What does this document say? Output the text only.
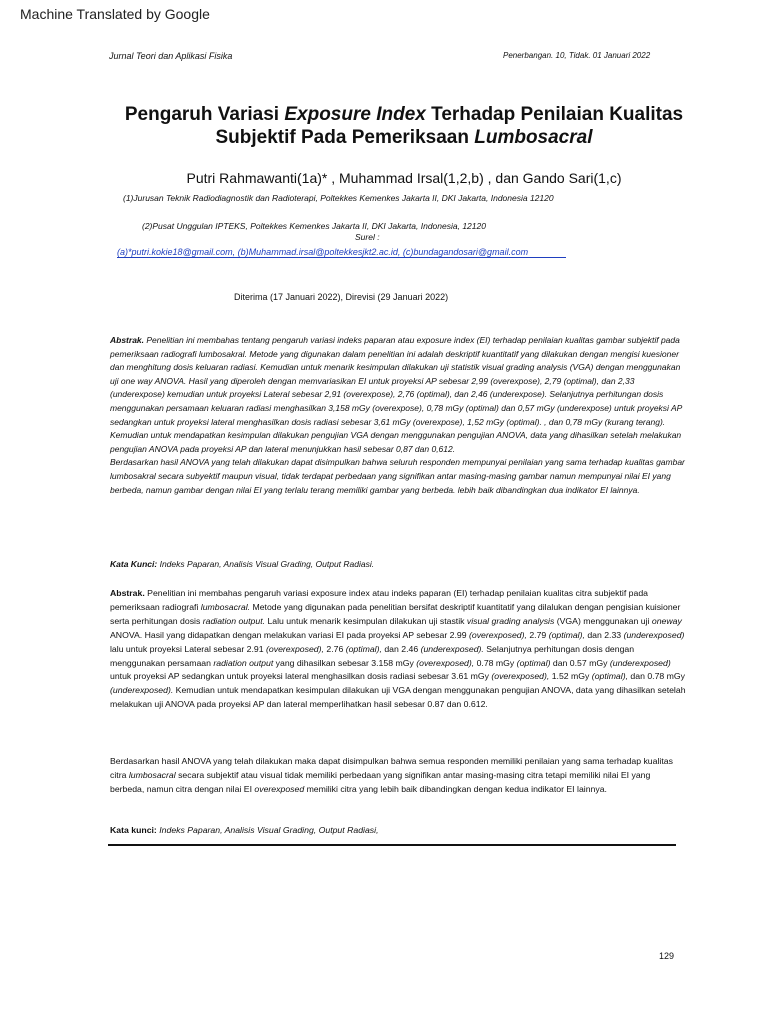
Machine Translated by Google
Jurnal Teori dan Aplikasi Fisika	Penerbangan. 10, Tidak. 01 Januari 2022
Pengaruh Variasi Exposure Index Terhadap Penilaian Kualitas
Subjektif Pada Pemeriksaan Lumbosacral
Putri Rahmawanti(1a)* , Muhammad Irsal(1,2,b) , dan Gando Sari(1,c)
(1)Jurusan Teknik Radiodiagnostik dan Radioterapi, Poltekkes Kemenkes Jakarta II, DKI Jakarta, Indonesia 12120
(2)Pusat Unggulan IPTEKS, Poltekkes Kemenkes Jakarta II, DKI Jakarta, Indonesia, 12120
Surel :
(a)*putri.kokie18@gmail.com, (b)Muhammad.irsal@poltekkesjkt2.ac.id, (c)bundagandosari@gmail.com
Diterima (17 Januari 2022), Direvisi (29 Januari 2022)

Abstrak. Penelitian ini membahas tentang pengaruh variasi indeks paparan atau exposure index (EI) terhadap penilaian kualitas gambar subjektif pada pemeriksaan radiografi lumbosakral. Metode yang digunakan dalam penelitian ini adalah deskriptif kuantitatif yang dilakukan dengan mengisi kuesioner dan menghitung dosis keluaran radiasi. Kemudian untuk menarik kesimpulan dilakukan uji statistik visual grading analysis (VGA) dengan menggunakan uji one way ANOVA. Hasil yang diperoleh dengan memvariasikan EI untuk proyeksi AP sebesar 2,99 (overexpose), 2,79 (optimal), dan 2,33 (underexpose) kemudian untuk proyeksi Lateral sebesar 2,91 (overexpose), 2,76 (optimal), dan 2,46 (underexpose). Selanjutnya perhitungan dosis menggunakan persamaan keluaran radiasi menghasilkan 3,158 mGy (overexpose), 0,78 mGy (optimal) dan 0,57 mGy (underexpose) untuk proyeksi AP sedangkan untuk proyeksi lateral menghasilkan dosis radiasi sebesar 3,61 mGy (overexpose), 1,52 mGy (optimal). , dan 0,78 mGy (kurang terang). Kemudian untuk mendapatkan kesimpulan dilakukan pengujian VGA dengan menggunakan pengujian ANOVA, data yang dihasilkan setelah melakukan pengujian ANOVA pada proyeksi AP dan lateral menunjukkan hasil sebesar 0,87 dan 0,612.

Berdasarkan hasil ANOVA yang telah dilakukan dapat disimpulkan bahwa seluruh responden mempunyai penilaian yang sama terhadap kualitas gambar lumbosakral secara subyektif maupun visual, tidak terdapat perbedaan yang signifikan antar masing-masing gambar namun mempunyai nilai EI yang berbeda, namun gambar dengan nilai EI yang terlalu terang memiliki gambar yang berbeda. lebih baik dibandingkan dua indikator EI lainnya.

Kata Kunci: Indeks Paparan, Analisis Visual Grading, Output Radiasi.
Abstrak. Penelitian ini membahas pengaruh variasi exposure index atau indeks paparan (EI) terhadap penilaian kualitas citra subjektif pada pemeriksaan radiografi lumbosacral. Metode yang digunakan pada penelitian bersifat deskriptif kuantitatif yang dilalukan dengan pengisian kuisioner serta perhitungan dosis radiation output. Lalu untuk menarik kesimpulan dilakukan uji stastik visual grading analysis (VGA) menggunakan uji oneway ANOVA. Hasil yang didapatkan dengan melakukan variasi EI pada proyeksi AP sebesar 2.99 (overexposed), 2.79 (optimal), dan 2.33 (underexposed) lalu untuk proyeksi Lateral sebesar 2.91 (overexposed), 2.76 (optimal), dan 2.46 (underexposed). Selanjutnya perhitungan dosis dengan menggunakan persamaan radiation output yang dihasilkan sebesar 3.158 mGy (overexposed), 0.78 mGy (optimal) dan 0.57 mGy (underexposed) untuk proyeksi AP sedangkan untuk proyeksi lateral menghasilkan dosis radiasi sebesar 3.61 mGy (overexposed), 1.52 mGy (optimal), dan 0.78 mGy (underexposed). Kemudian untuk mendapatkan kesimpulan dilakukan uji VGA dengan menggunakan pengujian ANOVA, data yang dihasilkan setelah melakukan uji ANOVA pada proyeksi AP dan lateral memperlihatkan hasil sebesar 0.87 dan 0.612.
Berdasarkan hasil ANOVA yang telah dilakukan maka dapat disimpulkan bahwa semua responden memiliki penilaian yang sama terhadap kualitas citra lumbosacral secara subjektif atau visual tidak memiliki perbedaan yang signifikan antar masing-masing citra tetapi memiliki nilai EI yang berbeda, namun citra dengan nilai EI overexposed memiliki citra yang lebih baik dibandingkan dengan kedua indikator EI lainnya.
Kata kunci: Indeks Paparan, Analisis Visual Grading, Output Radiasi,
129
